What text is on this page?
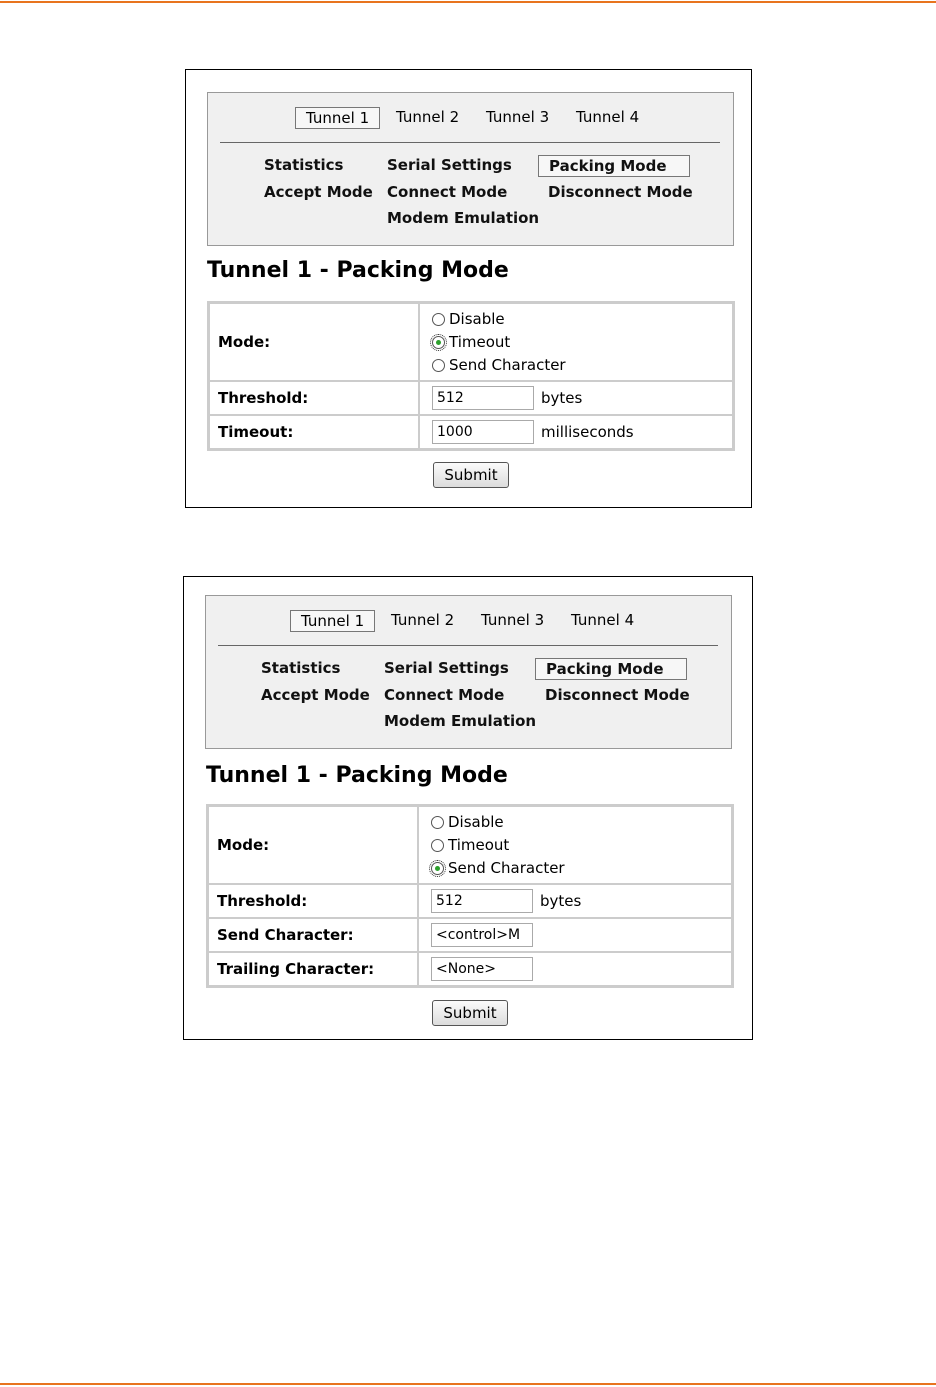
Tunnel 1	Tunnel 2	Tunnel 3	Tunnel 4
Statistics
Accept Mode
Serial Settings
Connect Mode
Modem Emulation
Packing Mode
Disconnect Mode
Tunnel 1 - Packing Mode
Mode:
Disable
Timeout
Send Character
Threshold:	512	bytes
Timeout:	1000	milliseconds
Submit
Tunnel 1	Tunnel 2	Tunnel 3	Tunnel 4
Statistics
Accept Mode
Serial Settings
Connect Mode
Modem Emulation
Packing Mode
Disconnect Mode
Tunnel 1 - Packing Mode
Mode:
Disable
Timeout
Send Character
Threshold:	512	bytes
Send Character:	<control>M
Trailing Character:	<None>
Submit
